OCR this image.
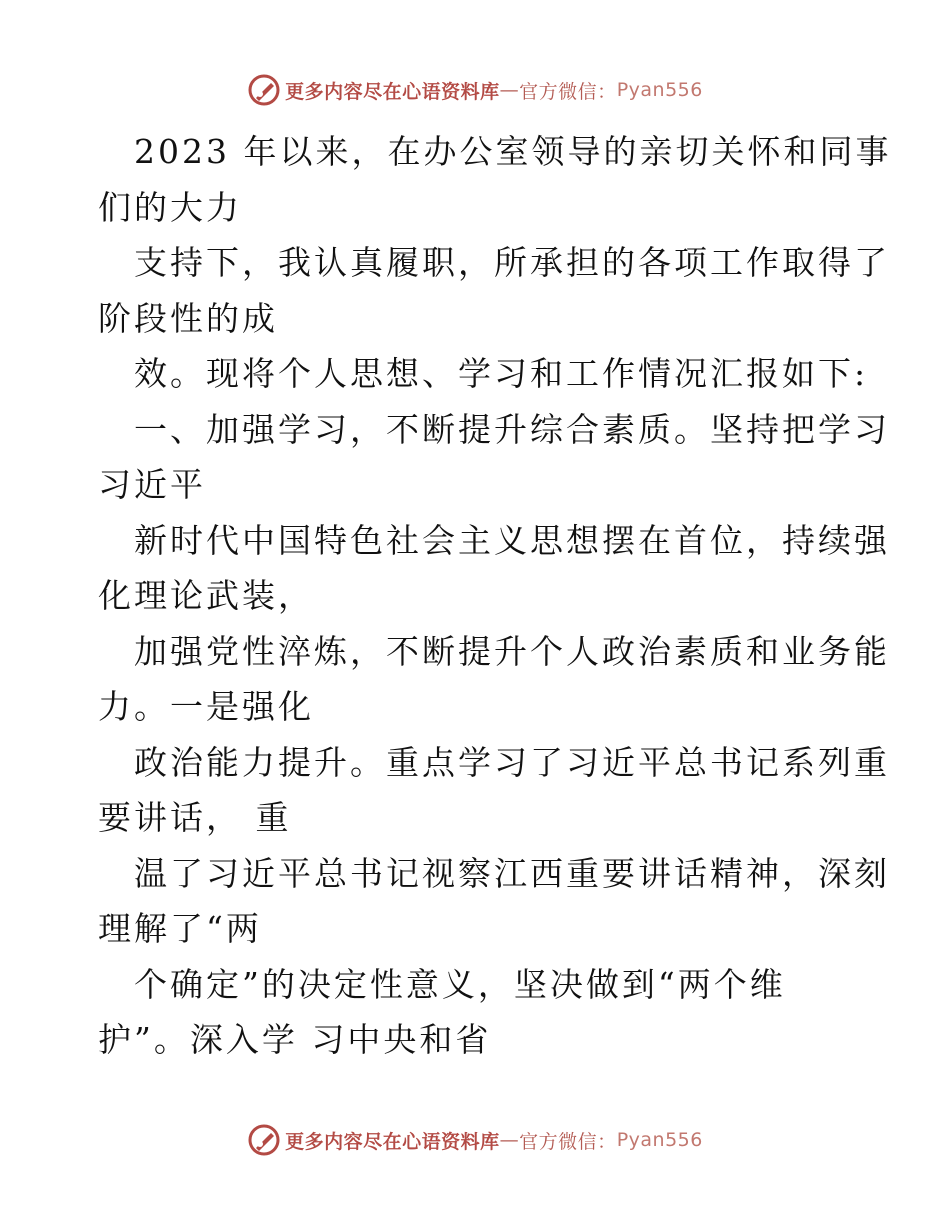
更多内容尽在心语资料库 — 官方微信： Pyan556
2023 年以来，在办公室领导的亲切关怀和同事
们的大力
支持下，我认真履职，所承担的各项工作取得了
阶段性的成
效。现将个人思想、学习和工作情况汇报如下:
一、加强学习，不断提升综合素质。坚持把学习
习近平
新时代中国特色社会主义思想摆在首位，持续强
化理论武装，
加强党性淬炼，不断提升个人政治素质和业务能
力。一是强化
政治能力提升。重点学习了习近平总书记系列重
要讲话， 重
温了习近平总书记视察江西重要讲话精神，深刻
理解了“两
个确定”的决定性意义，坚决做到“两个维
护”。深入学 习中央和省
更多内容尽在心语资料库 — 官方微信： Pyan556
